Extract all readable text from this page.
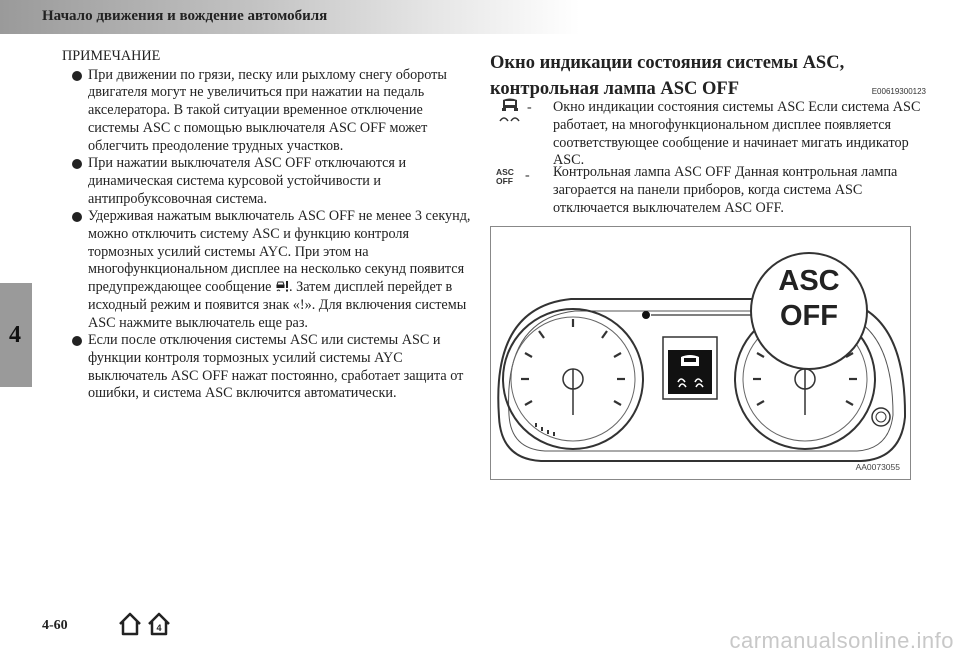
Начало движения и вождение автомобиля
4

ПРИМЕЧАНИЕ

При движении по грязи, песку или рыхлому снегу обороты двигателя могут не увеличиться при нажатии на педаль акселератора. В такой ситуации временное отключение системы ASC с помощью выключателя ASC OFF может облегчить преодоление трудных участков.

При нажатии выключателя ASC OFF отключаются и динамическая система курсовой устойчивости и антипробуксовочная система.

Удерживая нажатым выключатель ASC OFF не менее 3 секунд, можно отключить систему ASC и функцию контроля тормозных усилий системы AYC. При этом на многофункциональном дисплее на несколько секунд появится предупреждающее сообщение . Затем дисплей перейдет в исходный режим и появится знак «!». Для включения системы ASC нажмите выключатель еще раз.

Если после отключения системы ASC или системы ASC и функции контроля тормозных усилий системы AYC выключатель ASC OFF нажат постоянно, сработает защита от ошибки, и система ASC включится автоматически.

Окно индикации состояния системы ASC, контрольная лампа ASC OFF	E00619300123
- Окно индикации состояния системы ASC Если система ASC работает, на многофункциональном дисплее появляется соответствующее сообщение и начинает мигать индикатор ASC.
ASC
OFF - Контрольная лампа ASC OFF Данная контрольная лампа загорается на панели приборов, когда система ASC отключается выключателем ASC OFF.
ASC
OFF
AA0073055
4-60	4	carmanualsonline.info
